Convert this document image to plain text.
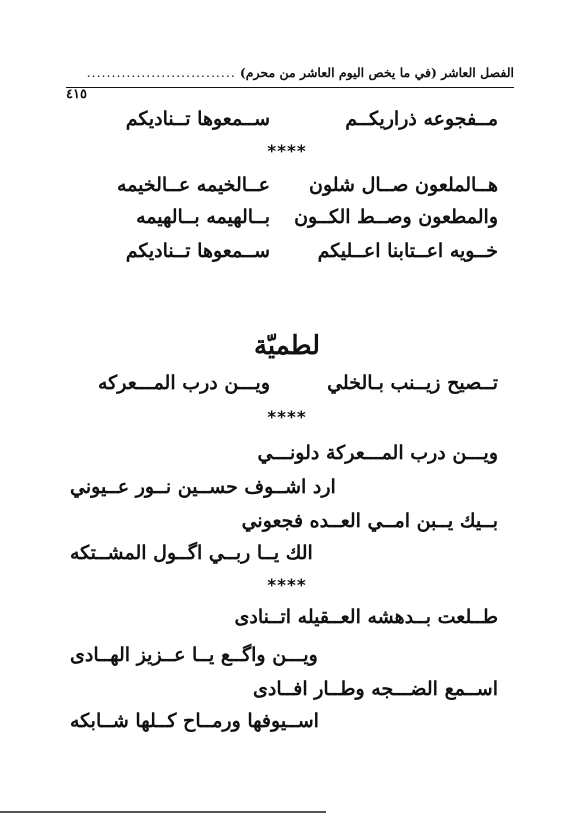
الفصل العاشر (في ما يخص اليوم العاشر من محرم)
..............................
٤١٥
مــفجوعه ذراريكــم
ســمعوها تــناديكم
****
هــالملعون صــال شلون
عــالخيمه عــالخيمه
والمطعون وصــط الكــون
بــالهيمه بــالهيمه
خــويه اعــتابنا اعــليكم
ســمعوها تــناديكم
لطميّة
تــصيح زيــنب بـالخلي
ويـــن درب المـــعركه
****
ويـــن درب المـــعركة دلونـــي
ارد اشــوف حســين نــور عــيوني
بــيك يــبن امــي العــده فجعوني
الك يــا ربــي اگــول المشــتكه
****
طــلعت بــدهشه العــقيله اتــنادى
ويـــن واگــع يــا عــزيز الهــادى
اســمع الضـــجه وطــار افــادى
اســيوفها ورمــاح كــلها شــابكه
